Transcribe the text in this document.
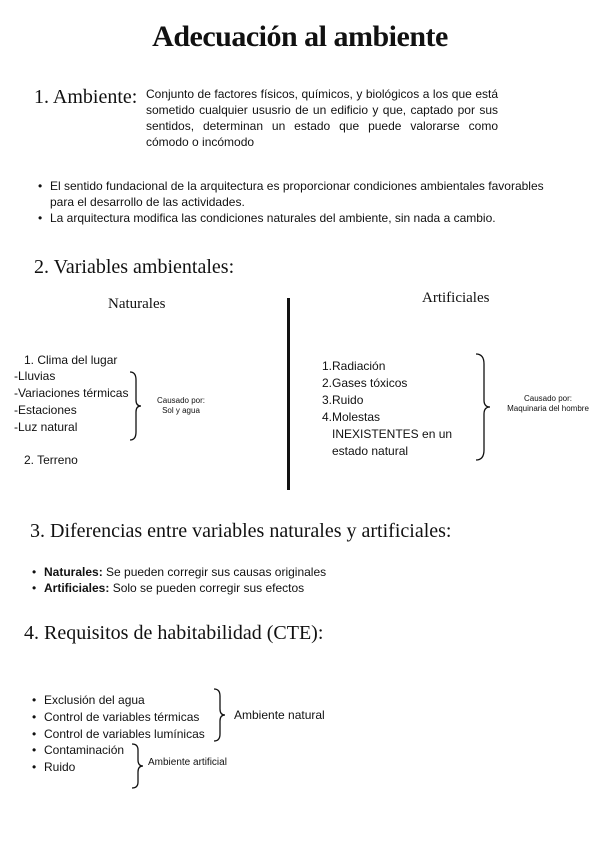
Adecuación al ambiente
1. Ambiente: Conjunto de factores físicos, químicos, y biológicos a los que está sometido cualquier ususrio de un edificio y que, captado por sus sentidos, determinan un estado que puede valorarse como cómodo o incómodo
• El sentido fundacional de la arquitectura es proporcionar condiciones ambientales favorables para el desarrollo de las actividades.
• La arquitectura modifica las condiciones naturales del ambiente, sin nada a cambio.
2. Variables ambientales:
Naturales	Artificiales
1. Clima del lugar
-Lluvias
-Variaciones térmicas
-Estaciones
-Luz natural
Causado por:
Sol y agua
2. Terreno
1.Radiación
2.Gases tóxicos
3.Ruido
4.Molestas
INEXISTENTES en un
estado natural
Causado por:
Maquinaria del hombre
3. Diferencias entre variables naturales y artificiales:
• Naturales: Se pueden corregir sus causas originales
• Artificiales: Solo se pueden corregir sus efectos
4. Requisitos de habitabilidad (CTE):
• Exclusión del agua
• Control de variables térmicas
• Control de variables lumínicas
Ambiente natural
• Contaminación
• Ruido	Ambiente artificial
